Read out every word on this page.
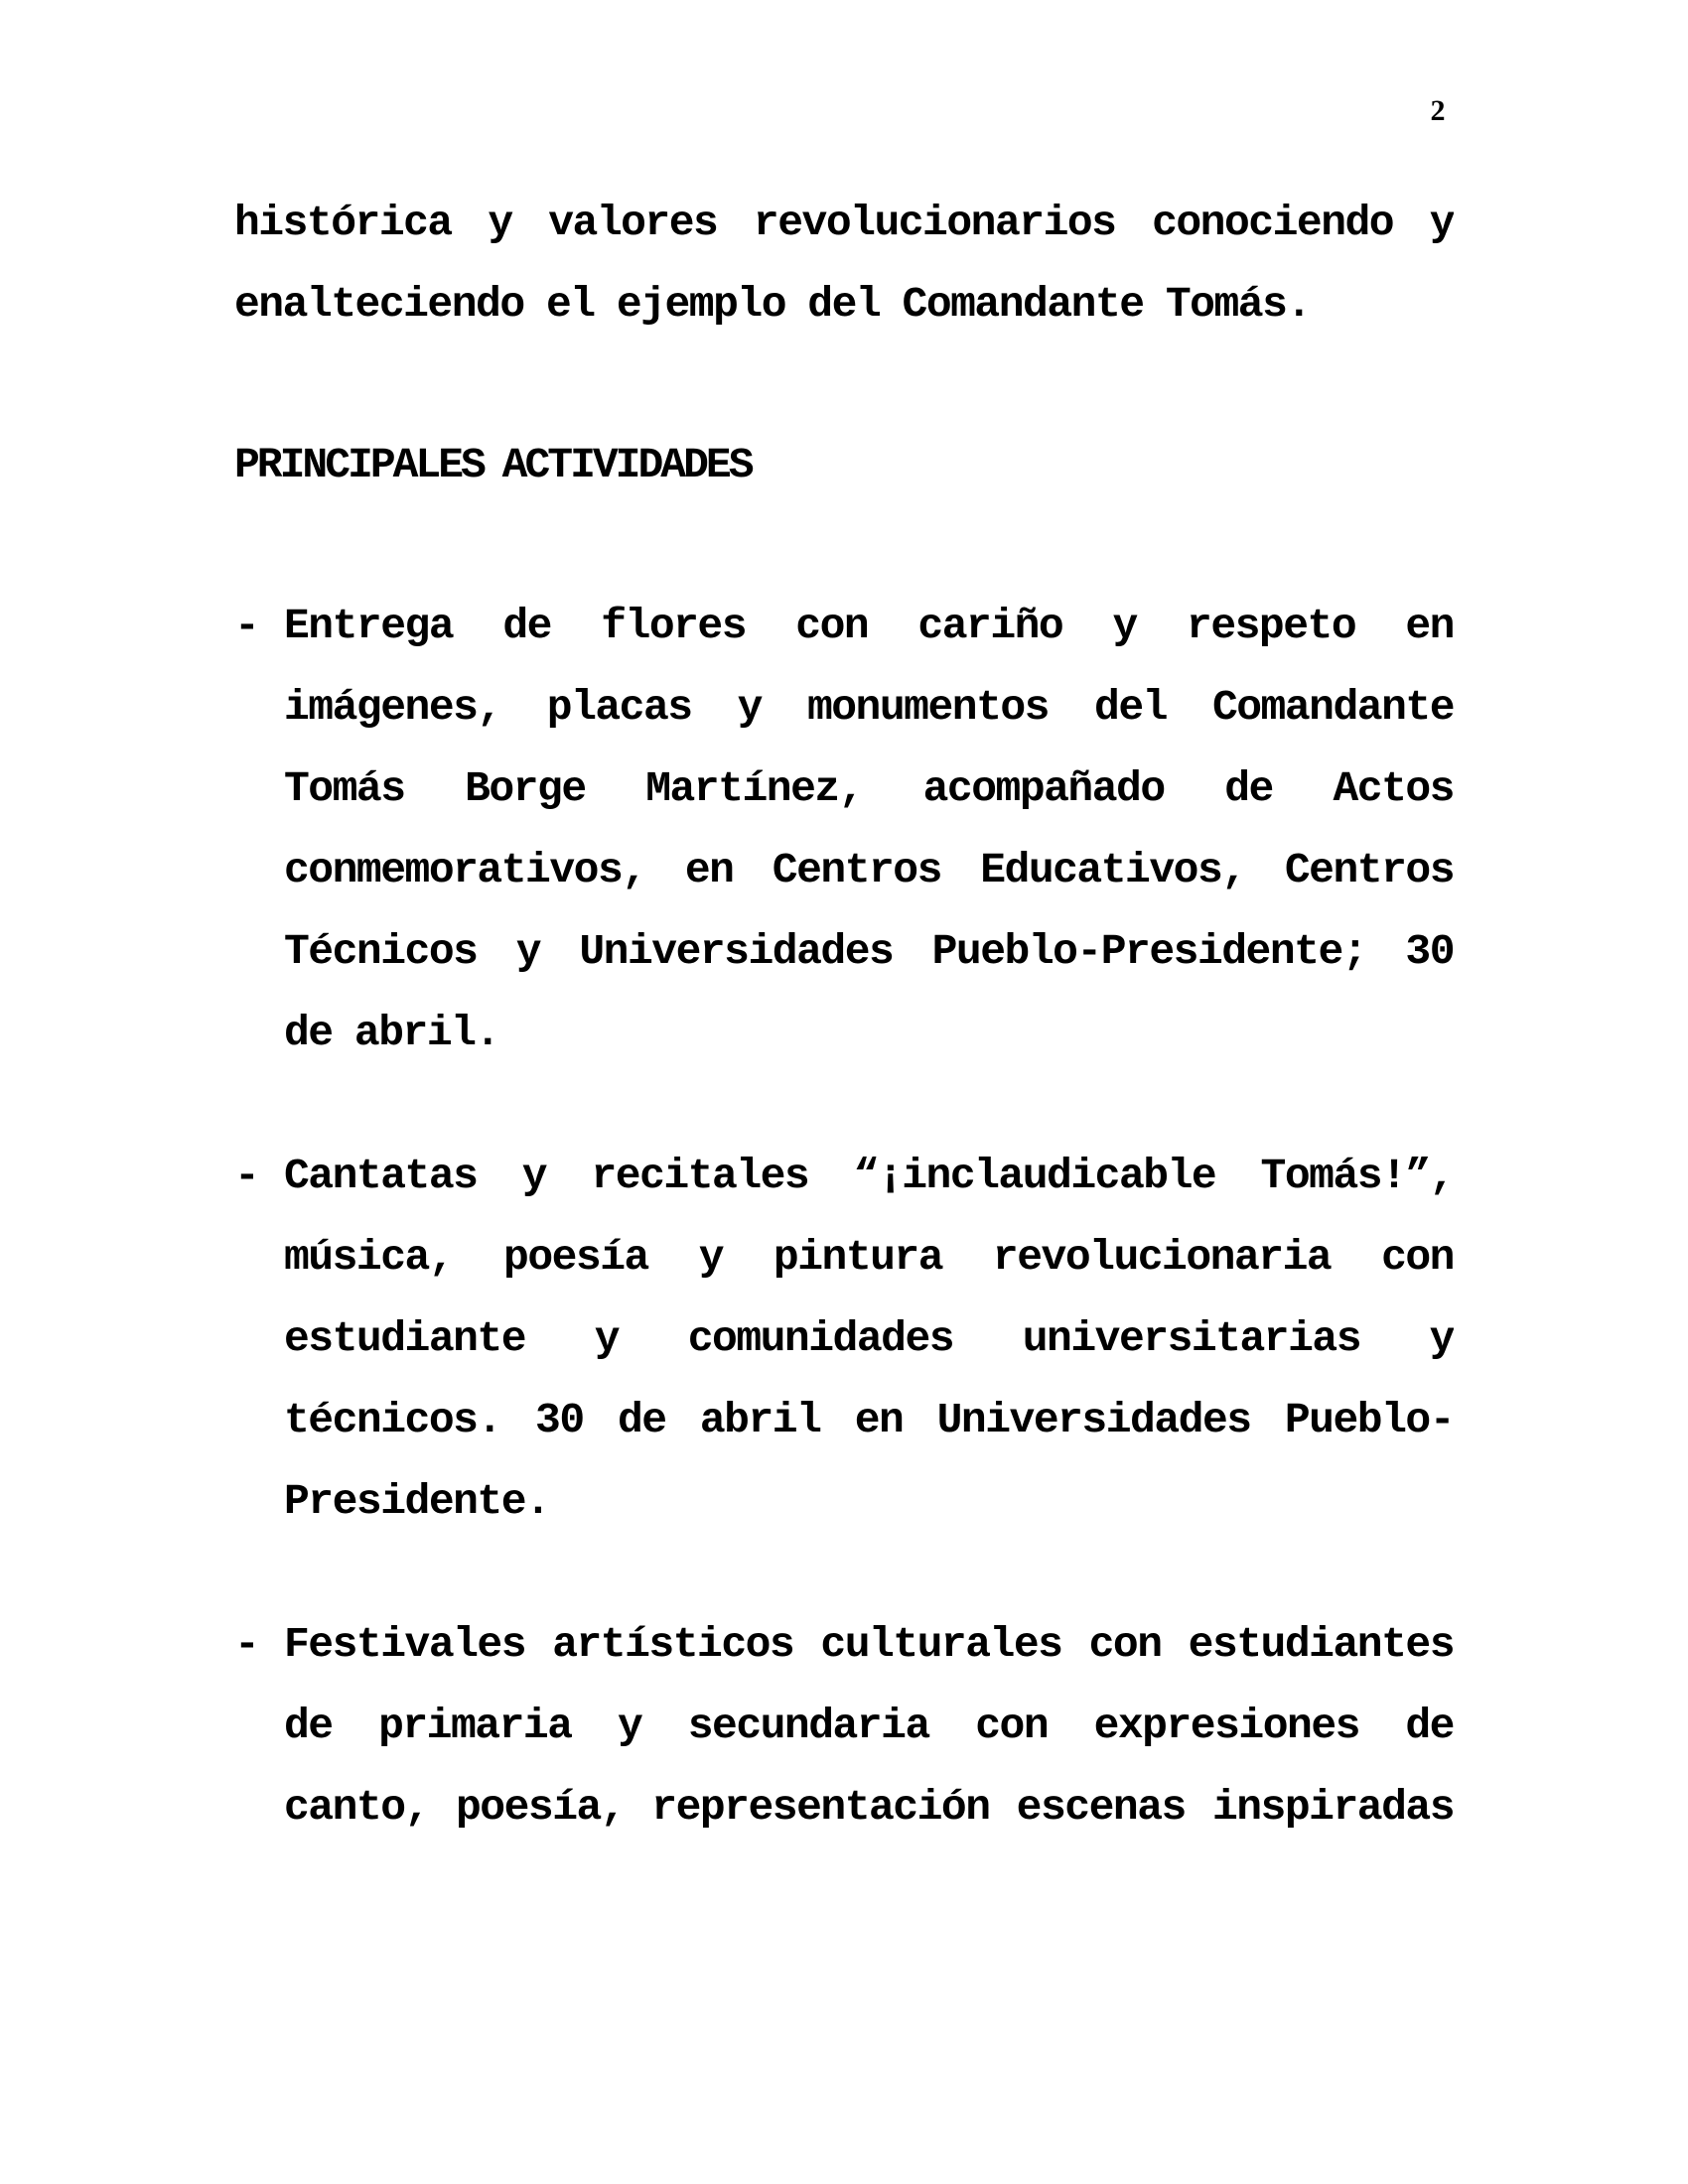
2
histórica y valores revolucionarios conociendo y
enalteciendo el ejemplo del Comandante Tomás.
PRINCIPALES ACTIVIDADES
- Entrega de flores con cariño y respeto en
imágenes, placas y monumentos del Comandante
Tomás Borge Martínez, acompañado de Actos
conmemorativos, en Centros Educativos, Centros
Técnicos y Universidades Pueblo-Presidente; 30
de abril.
- Cantatas y recitales “¡inclaudicable Tomás!”,
música, poesía y pintura revolucionaria con
estudiante y comunidades universitarias y
técnicos. 30 de abril en Universidades Pueblo-
Presidente.
- Festivales artísticos culturales con estudiantes
de primaria y secundaria con expresiones de
canto, poesía, representación escenas inspiradas
